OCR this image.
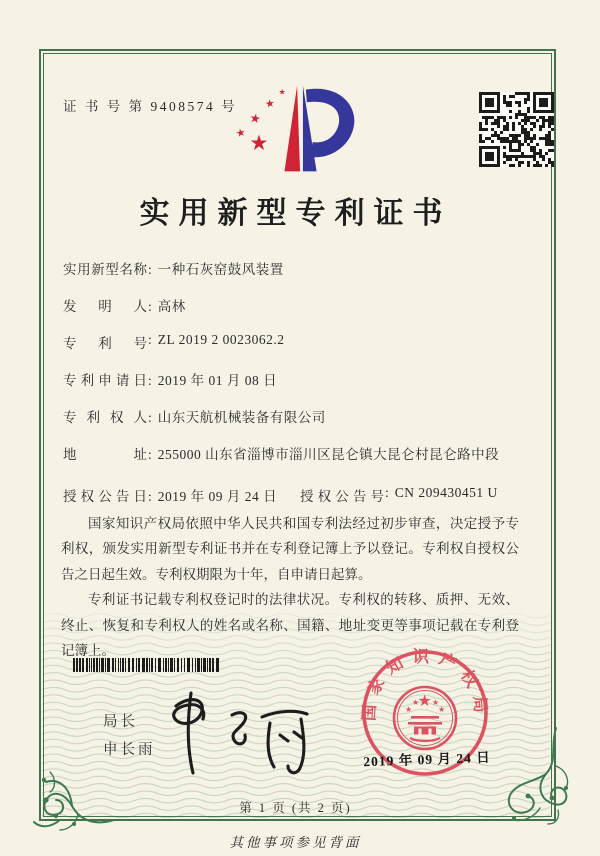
证 书 号 第 9408574 号
★
★
★
★
★
实用新型专利证书
实用新型名称: 一种石灰窑鼓风装置
发明人: 高林
专利号: ZL 2019 2 0023062.2
专利申请日: 2019 年 01 月 08 日
专利权人: 山东天航机械装备有限公司
地址: 255000 山东省淄博市淄川区昆仑镇大昆仑村昆仑路中段
授权公告日: 2019 年 09 月 24 日 授权公告号: CN 209430451 U

国家知识产权局依照中华人民共和国专利法经过初步审查，决定授予专利权，颁发实用新型专利证书并在专利登记簿上予以登记。专利权自授权公告之日起生效。专利权期限为十年，自申请日起算。

专利证书记载专利权登记时的法律状况。专利权的转移、质押、无效、终止、恢复和专利权人的姓名或名称、国籍、地址变更等事项记载在专利登记簿上。

局长
申长雨
国家知识产权局
★
★
★ ★
★
2019 年 09 月 24 日
第 1 页 (共 2 页)
其他事项参见背面
